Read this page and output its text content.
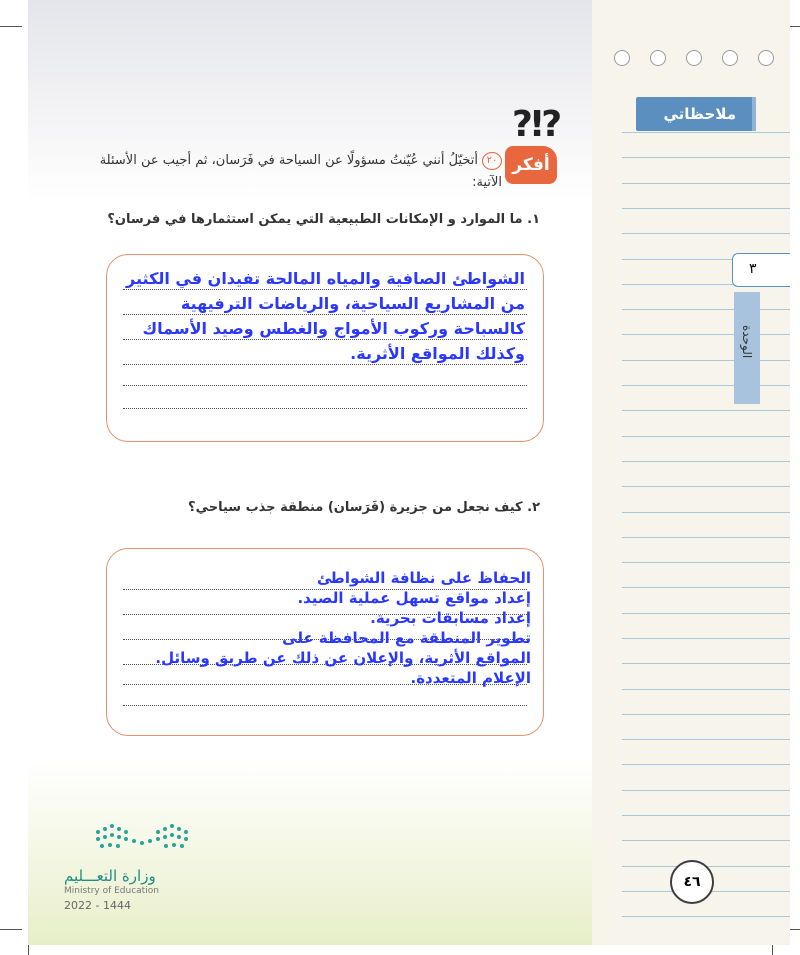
?!?
أفكر
٢٠أتخيّلُ أنني عُيّنتُ مسؤولًا عن السياحة في فَرَسان، ثم أجيب عن الأسئلة الآتية:
١. ما الموارد و الإمكانات الطبيعية التي يمكن استثمارها في فرسان؟
الشواطئ الصافية والمياه المالحة تفيدان في الكثير
من المشاريع السياحية، والرياضات الترفيهية
كالسباحة وركوب الأمواج والغطس وصيد الأسماك
وكذلك المواقع الأثرية.
٢. كيف نجعل من جزيرة (فَرَسان) منطقة جذب سياحي؟
الحفاظ على نظافة الشواطئ
إعداد مواقع تسهل عملية الصيد.
إعداد مسابقات بحرية.
تطوير المنطقة مع المحافظة على
المواقع الأثرية، والإعلان عن ذلك عن طريق وسائل.
الإعلام المتعددة.
وزارة التعـــليم
Ministry of Education
2022 - 1444
ملاحظاتي
٣
الوحدة
٤٦
